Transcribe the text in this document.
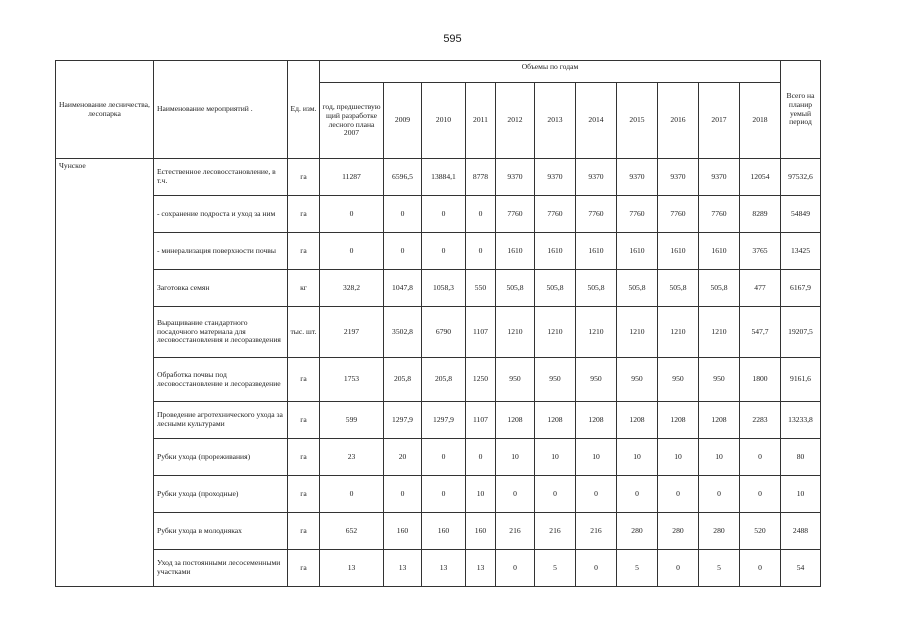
595
Наименование лесничества, лесопарка	Наименование мероприятий .	Ед. изм.	Объемы по годам											Всего на планир уемый период
			год, предшествую щий разработке лесного плана 2007	2009	2010	2011	2012	2013	2014	2015	2016	2017	2018	
Чунское	Естественное лесовосстановление, в т.ч.	га	11287	6596,5	13884,1	8778	9370	9370	9370	9370	9370	9370	12054	97532,6
	- сохранение подроста и уход за ним	га	0	0	0	0	7760	7760	7760	7760	7760	7760	8289	54849
	- минерализация поверхности почвы	га	0	0	0	0	1610	1610	1610	1610	1610	1610	3765	13425
	Заготовка семян	кг	328,2	1047,8	1058,3	550	505,8	505,8	505,8	505,8	505,8	505,8	477	6167,9
	Выращивание стандартного посадочного материала для лесовосстановления и лесоразведения	тыс. шт.	2197	3502,8	6790	1107	1210	1210	1210	1210	1210	1210	547,7	19207,5
	Обработка почвы под лесовосстановление и лесоразведение	га	1753	205,8	205,8	1250	950	950	950	950	950	950	1800	9161,6
	Проведение агротехнического ухода за лесными культурами	га	599	1297,9	1297,9	1107	1208	1208	1208	1208	1208	1208	2283	13233,8
	Рубки ухода (прореживания)	га	23	20	0	0	10	10	10	10	10	10	0	80
	Рубки ухода (проходные)	га	0	0	0	10	0	0	0	0	0	0	0	10
	Рубки ухода в молодняках	га	652	160	160	160	216	216	216	280	280	280	520	2488
	Уход за постоянными лесосеменными участками	га	13	13	13	13	0	5	0	5	0	5	0	54
